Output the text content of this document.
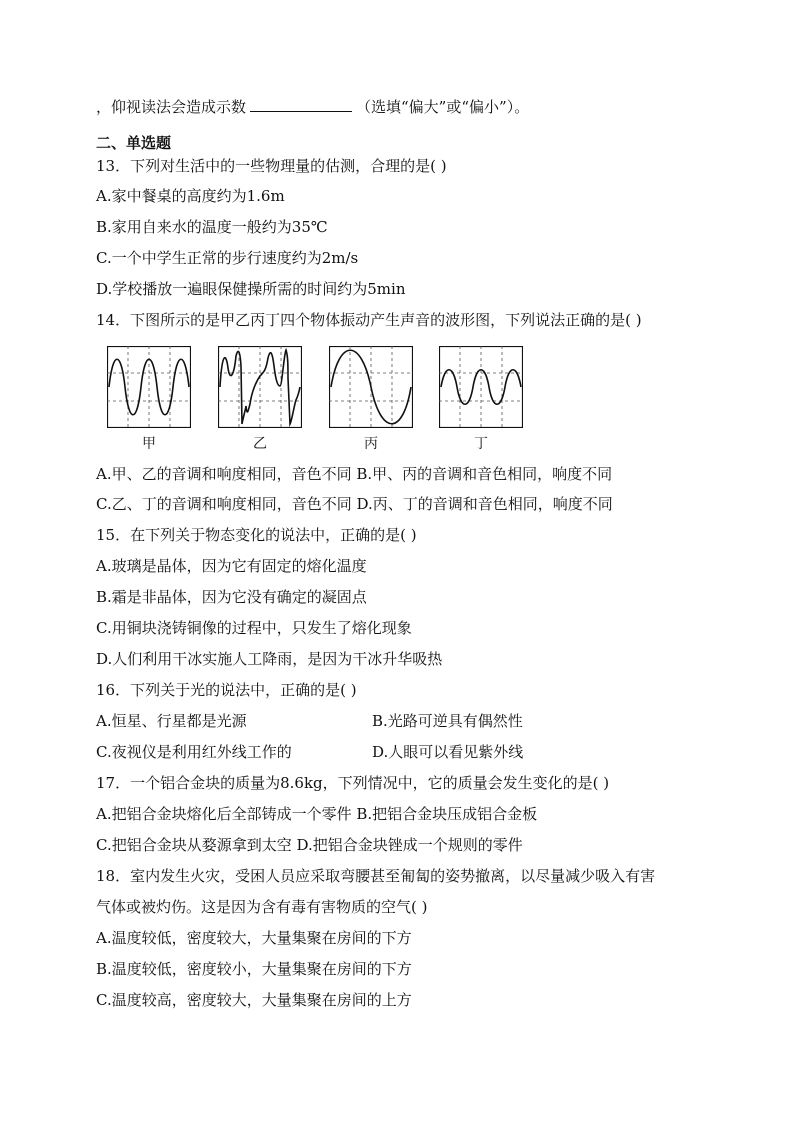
，仰视读法会造成示数	（选填“偏大”或“偏小”）。
二、单选题
13．下列对生活中的一些物理量的估测，合理的是( )
A.家中餐桌的高度约为1.6m
B.家用自来水的温度一般约为35℃
C.一个中学生正常的步行速度约为2m/s
D.学校播放一遍眼保健操所需的时间约为5min
14．下图所示的是甲乙丙丁四个物体振动产生声音的波形图，下列说法正确的是( )
甲	乙	丙	丁
A.甲、乙的音调和响度相同，音色不同 B.甲、丙的音调和音色相同，响度不同
C.乙、丁的音调和响度相同，音色不同 D.丙、丁的音调和音色相同，响度不同
15．在下列关于物态变化的说法中，正确的是( )
A.玻璃是晶体，因为它有固定的熔化温度
B.霜是非晶体，因为它没有确定的凝固点
C.用铜块浇铸铜像的过程中，只发生了熔化现象
D.人们利用干冰实施人工降雨，是因为干冰升华吸热
16．下列关于光的说法中，正确的是( )
A.恒星、行星都是光源	B.光路可逆具有偶然性
C.夜视仪是利用红外线工作的	D.人眼可以看见紫外线
17．一个铝合金块的质量为8.6kg，下列情况中，它的质量会发生变化的是( )
A.把铝合金块熔化后全部铸成一个零件 B.把铝合金块压成铝合金板
C.把铝合金块从婺源拿到太空 D.把铝合金块锉成一个规则的零件
18．室内发生火灾，受困人员应采取弯腰甚至匍匐的姿势撤离，以尽量减少吸入有害
气体或被灼伤。这是因为含有毒有害物质的空气( )
A.温度较低，密度较大，大量集聚在房间的下方
B.温度较低，密度较小，大量集聚在房间的下方
C.温度较高，密度较大，大量集聚在房间的上方
